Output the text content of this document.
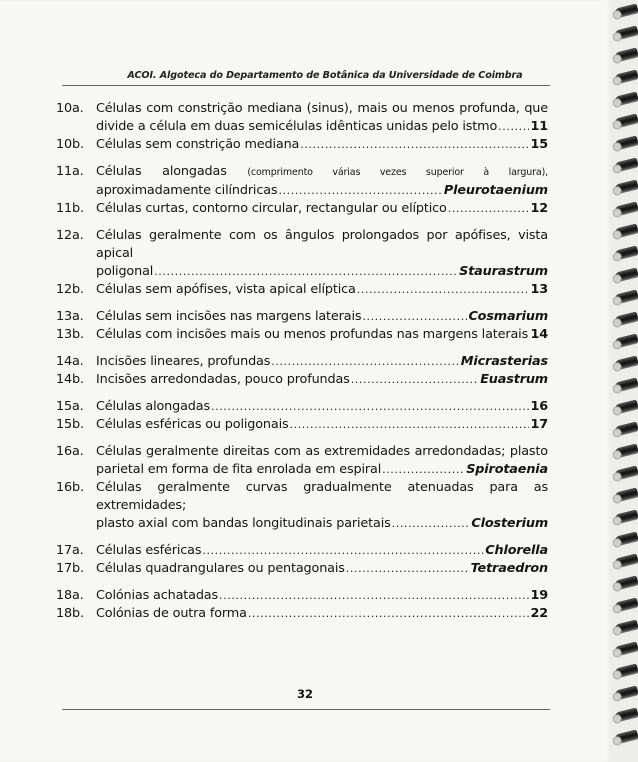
ACOI. Algoteca do Departamento de Botânica da Universidade de Coimbra
10a. Células com constrição mediana (sinus), mais ou menos profunda, que
divide a célula em duas semicélulas idênticas unidas pelo istmo .....	11
10b. Células sem constrição mediana .....	15
11a. Células alongadas (comprimento várias vezes superior à largura),
aproximadamente cilíndricas .....	Pleurotaenium
11b. Células curtas, contorno circular, rectangular ou elíptico .....	12
12a. Células geralmente com os ângulos prolongados por apófises, vista apical
poligonal .....	Staurastrum
12b. Células sem apófises, vista apical elíptica .....	13
13a. Células sem incisões nas margens laterais .....	Cosmarium
13b. Células com incisões mais ou menos profundas nas margens laterais ..... 14
14a. Incisões lineares, profundas .....	Micrasterias
14b. Incisões arredondadas, pouco profundas .....	Euastrum
15a. Células alongadas .....	16
15b. Células esféricas ou poligonais .....	17
16a. Células geralmente direitas com as extremidades arredondadas; plasto
parietal em forma de fita enrolada em espiral .....	Spirotaenia
16b. Células geralmente curvas gradualmente atenuadas para as extremidades;
plasto axial com bandas longitudinais parietais .....	Closterium
17a. Células esféricas .....	Chlorella
17b. Células quadrangulares ou pentagonais .....	Tetraedron
18a. Colónias achatadas .....	19
18b. Colónias de outra forma .....	22
32
